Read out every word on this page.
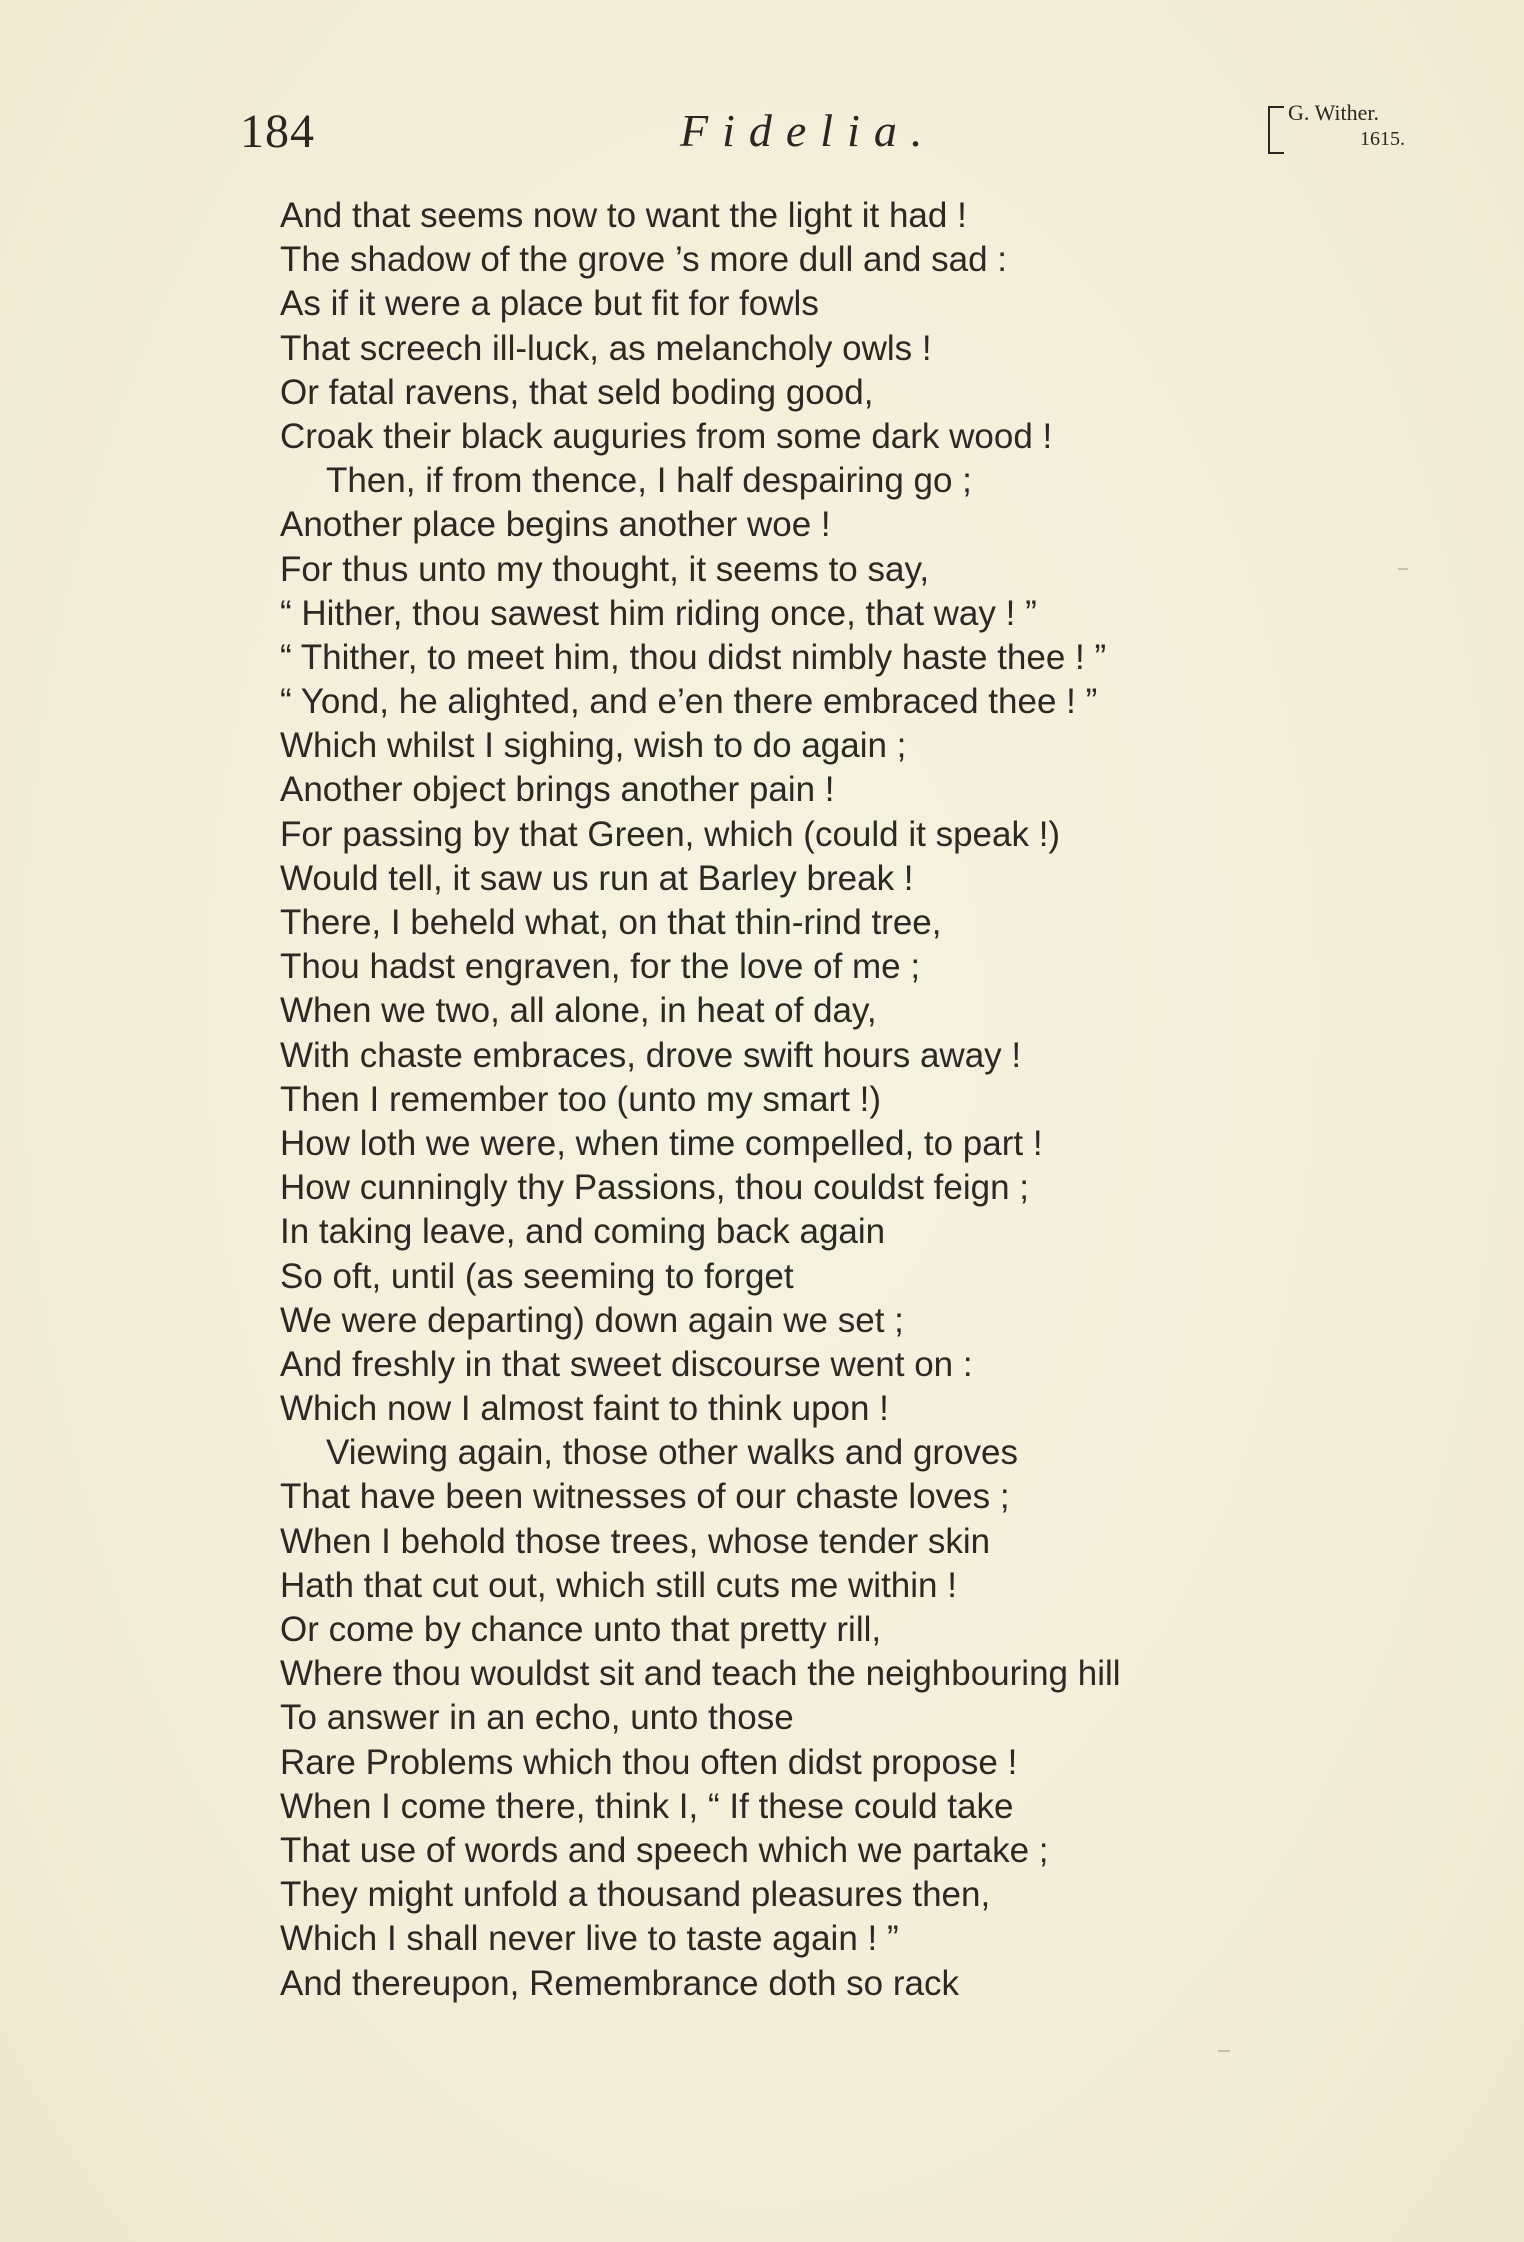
184	Fidelia.	G. Wither.
1615.
And that seems now to want the light it had !
The shadow of the grove ’s more dull and sad :
As if it were a place but fit for fowls
That screech ill-luck, as melancholy owls !
Or fatal ravens, that seld boding good,
Croak their black auguries from some dark wood !
Then, if from thence, I half despairing go ;
Another place begins another woe !
For thus unto my thought, it seems to say,
“ Hither, thou sawest him riding once, that way ! ”
“ Thither, to meet him, thou didst nimbly haste thee ! ”
“ Yond, he alighted, and e’en there embraced thee ! ”
Which whilst I sighing, wish to do again ;
Another object brings another pain !
For passing by that Green, which (could it speak !)
Would tell, it saw us run at Barley break !
There, I beheld what, on that thin-rind tree,
Thou hadst engraven, for the love of me ;
When we two, all alone, in heat of day,
With chaste embraces, drove swift hours away !
Then I remember too (unto my smart !)
How loth we were, when time compelled, to part !
How cunningly thy Passions, thou couldst feign ;
In taking leave, and coming back again
So oft, until (as seeming to forget
We were departing) down again we set ;
And freshly in that sweet discourse went on :
Which now I almost faint to think upon !
Viewing again, those other walks and groves
That have been witnesses of our chaste loves ;
When I behold those trees, whose tender skin
Hath that cut out, which still cuts me within !
Or come by chance unto that pretty rill,
Where thou wouldst sit and teach the neighbouring hill
To answer in an echo, unto those
Rare Problems which thou often didst propose !
When I come there, think I, “ If these could take
That use of words and speech which we partake ;
They might unfold a thousand pleasures then,
Which I shall never live to taste again ! ”
And thereupon, Remembrance doth so rack
